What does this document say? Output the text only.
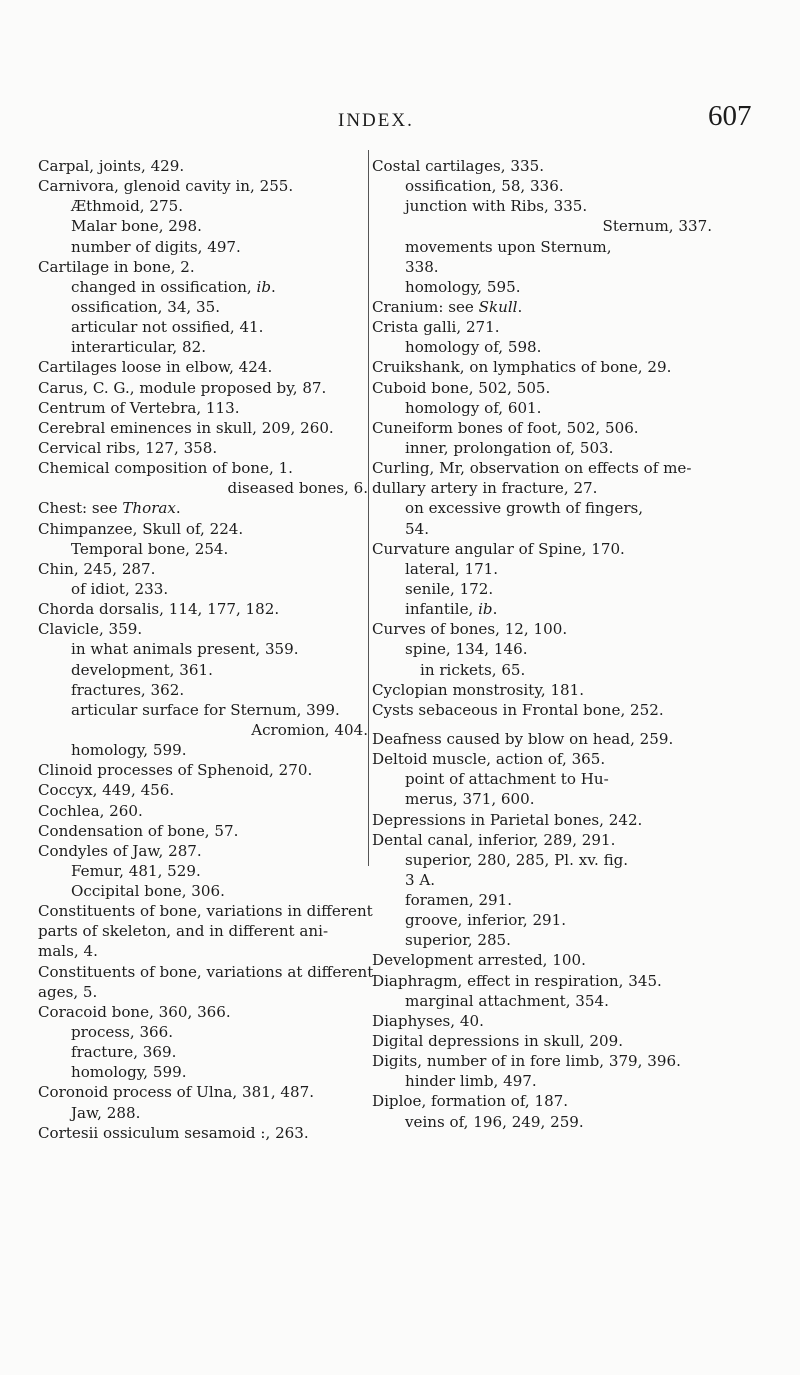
INDEX.	607
Carpal, joints, 429.
Carnivora, glenoid cavity in, 255.
Æthmoid, 275.
Malar bone, 298.
number of digits, 497.
Cartilage in bone, 2.
changed in ossification, ib.
ossification, 34, 35.
articular not ossified, 41.
interarticular, 82.
Cartilages loose in elbow, 424.
Carus, C. G., module proposed by, 87.
Centrum of Vertebra, 113.
Cerebral eminences in skull, 209, 260.
Cervical ribs, 127, 358.
Chemical composition of bone, 1.
diseased bones, 6.
Chest: see Thorax.
Chimpanzee, Skull of, 224.
Temporal bone, 254.
Chin, 245, 287.
of idiot, 233.
Chorda dorsalis, 114, 177, 182.
Clavicle, 359.
in what animals present, 359.
development, 361.
fractures, 362.
articular surface for Sternum, 399.
Acromion, 404.
homology, 599.
Clinoid processes of Sphenoid, 270.
Coccyx, 449, 456.
Cochlea, 260.
Condensation of bone, 57.
Condyles of Jaw, 287.
Femur, 481, 529.
Occipital bone, 306.
Constituents of bone, variations in different
parts of skeleton, and in different ani-
mals, 4.
Constituents of bone, variations at different
ages, 5.
Coracoid bone, 360, 366.
process, 366.
fracture, 369.
homology, 599.
Coronoid process of Ulna, 381, 487.
Jaw, 288.
Cortesii ossiculum sesamoid :, 263.
Costal cartilages, 335.
ossification, 58, 336.
junction with Ribs, 335.
Sternum, 337.
movements upon Sternum,
338.
homology, 595.
Cranium: see Skull.
Crista galli, 271.
homology of, 598.
Cruikshank, on lymphatics of bone, 29.
Cuboid bone, 502, 505.
homology of, 601.
Cuneiform bones of foot, 502, 506.
inner, prolongation of, 503.
Curling, Mr, observation on effects of me-
dullary artery in fracture, 27.
on excessive growth of fingers,
54.
Curvature angular of Spine, 170.
lateral, 171.
senile, 172.
infantile, ib.
Curves of bones, 12, 100.
spine, 134, 146.
in rickets, 65.
Cyclopian monstrosity, 181.
Cysts sebaceous in Frontal bone, 252.
Deafness caused by blow on head, 259.
Deltoid muscle, action of, 365.
point of attachment to Hu-
merus, 371, 600.
Depressions in Parietal bones, 242.
Dental canal, inferior, 289, 291.
superior, 280, 285, Pl. xv. fig.
3 A.
foramen, 291.
groove, inferior, 291.
superior, 285.
Development arrested, 100.
Diaphragm, effect in respiration, 345.
marginal attachment, 354.
Diaphyses, 40.
Digital depressions in skull, 209.
Digits, number of in fore limb, 379, 396.
hinder limb, 497.
Diploe, formation of, 187.
veins of, 196, 249, 259.
